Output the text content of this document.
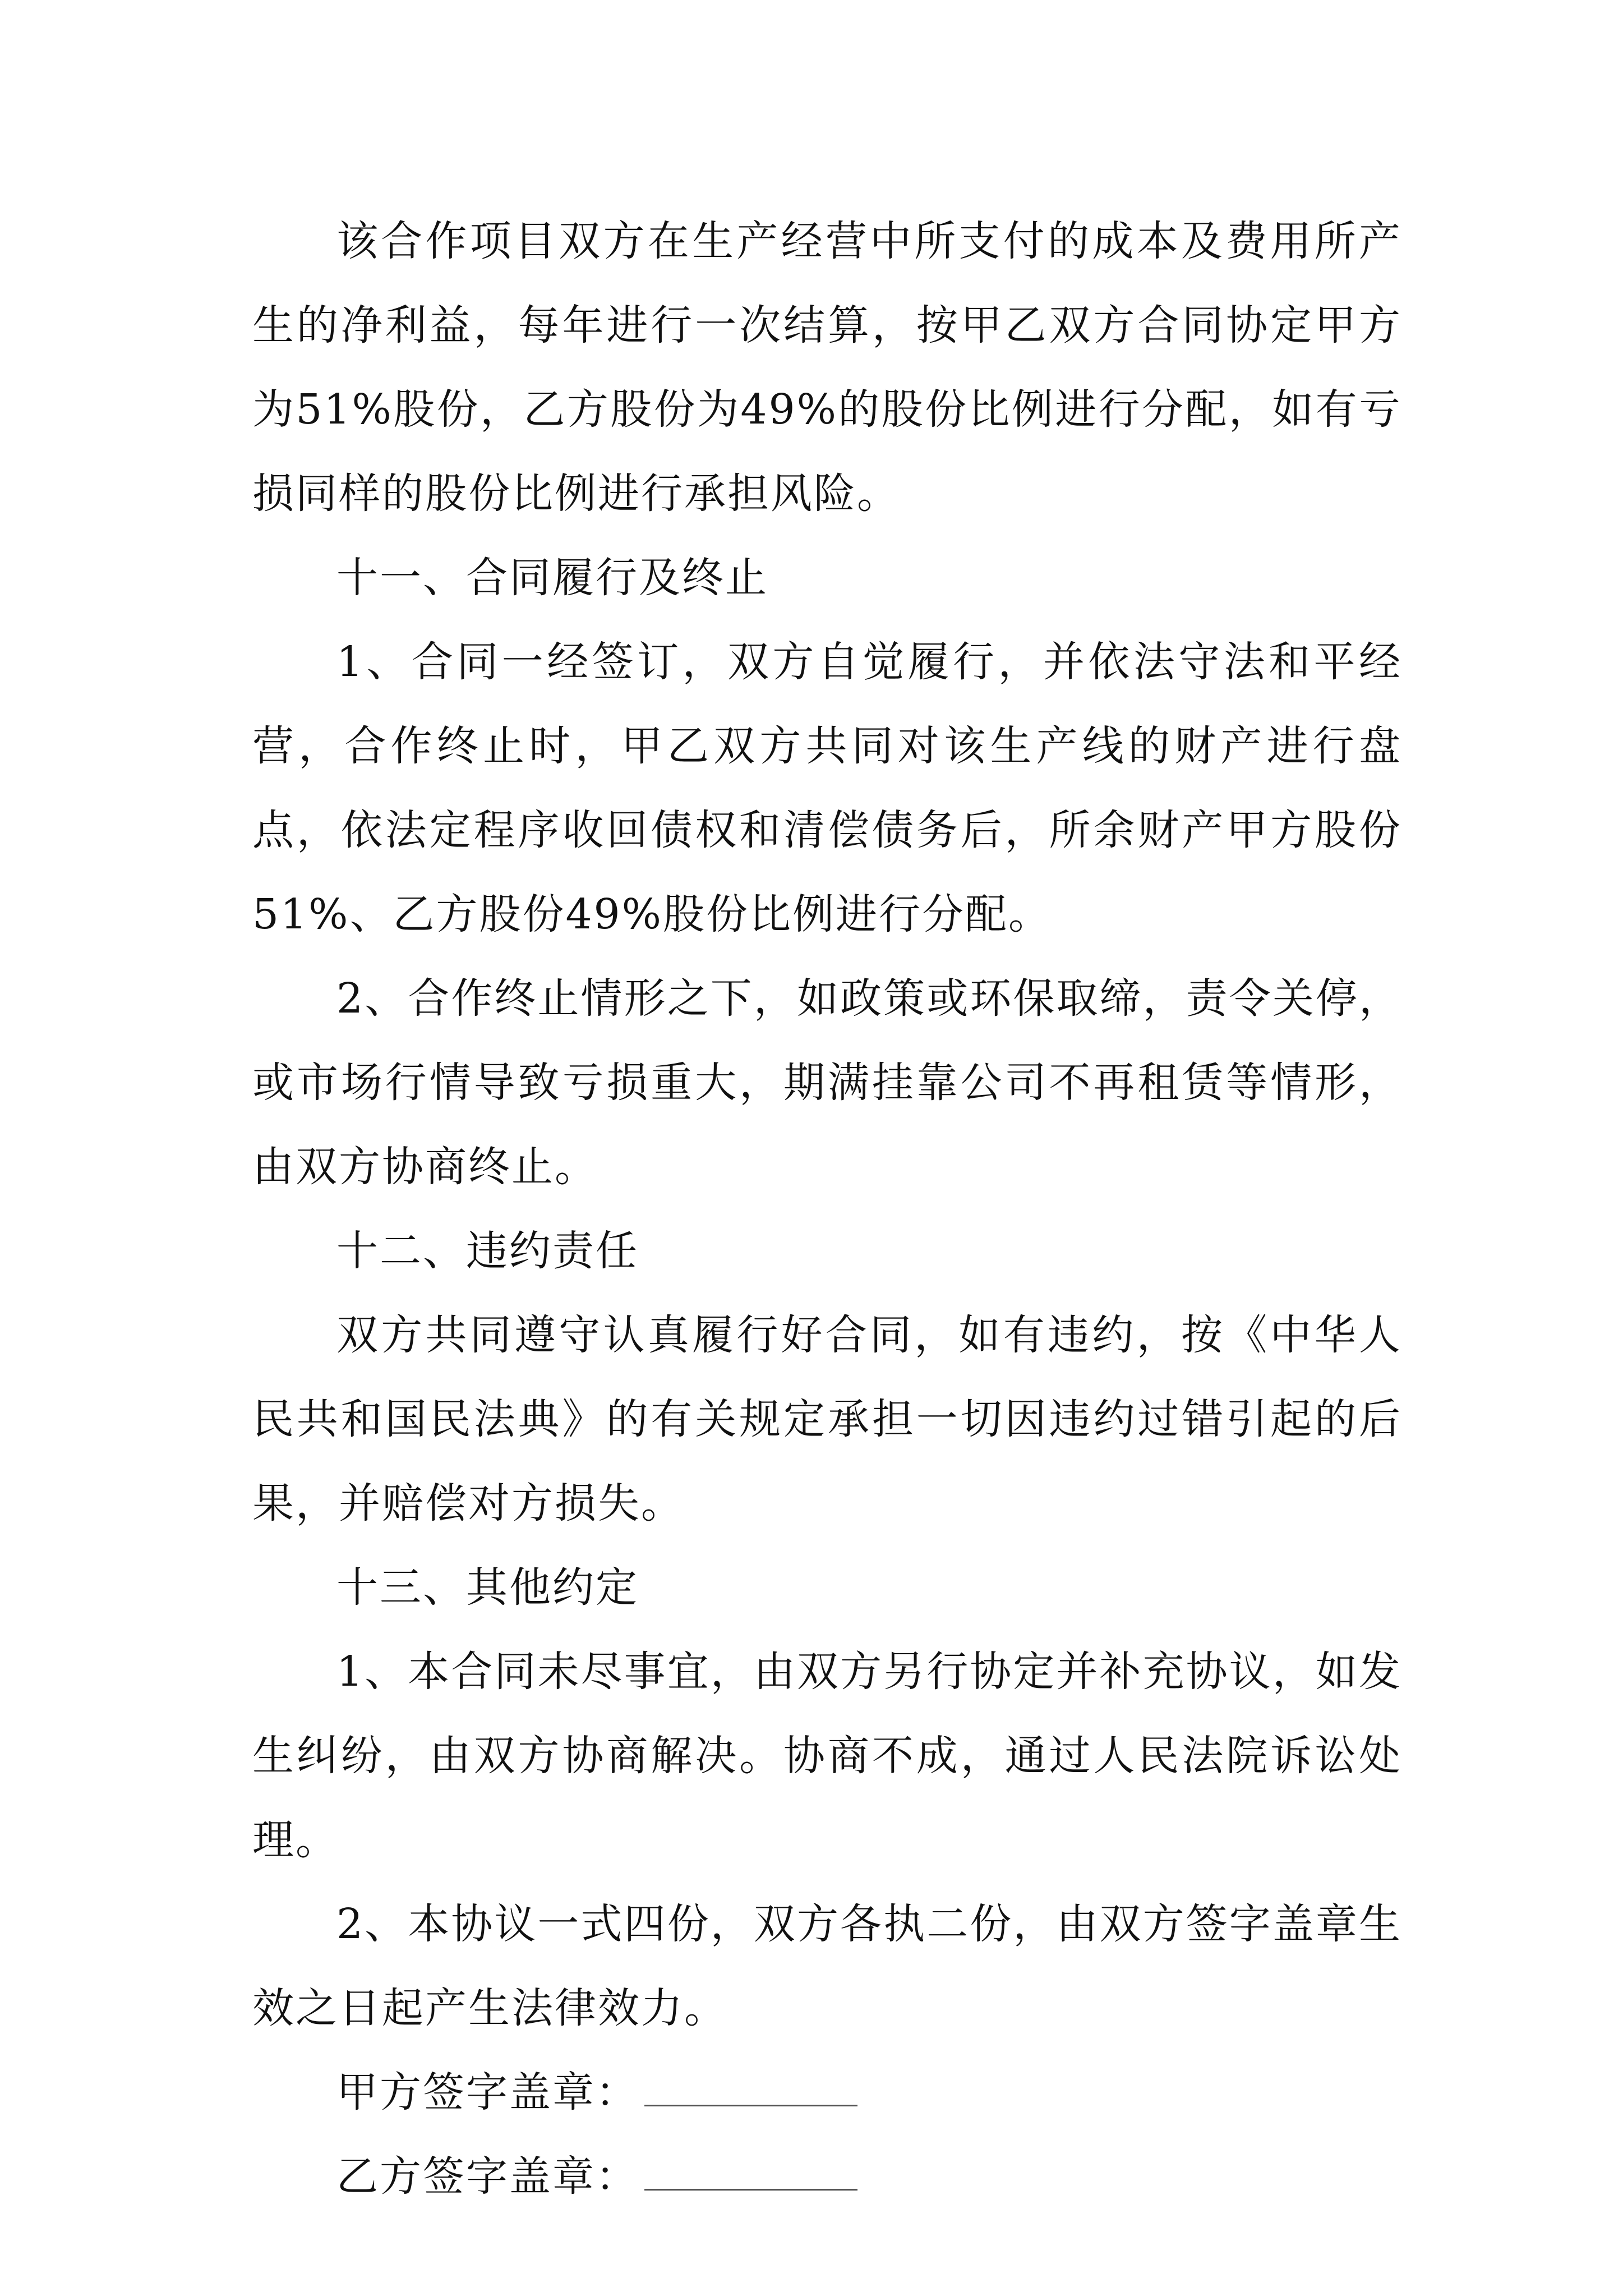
该合作项目双方在生产经营中所支付的成本及费用所产生的净利益，每年进行一次结算，按甲乙双方合同协定甲方为51%股份，乙方股份为49%的股份比例进行分配，如有亏损同样的股份比例进行承担风险。

十一、合同履行及终止

1、合同一经签订，双方自觉履行，并依法守法和平经营，合作终止时，甲乙双方共同对该生产线的财产进行盘点，依法定程序收回债权和清偿债务后，所余财产甲方股份51%、乙方股份49%股份比例进行分配。

2、合作终止情形之下，如政策或环保取缔，责令关停，或市场行情导致亏损重大，期满挂靠公司不再租赁等情形，由双方协商终止。

十二、违约责任

双方共同遵守认真履行好合同，如有违约，按《中华人民共和国民法典》的有关规定承担一切因违约过错引起的后果，并赔偿对方损失。

十三、其他约定

1、本合同未尽事宜，由双方另行协定并补充协议，如发生纠纷，由双方协商解决。协商不成，通过人民法院诉讼处理。

2、本协议一式四份，双方各执二份，由双方签字盖章生效之日起产生法律效力。

甲方签字盖章：

乙方签字盖章：
